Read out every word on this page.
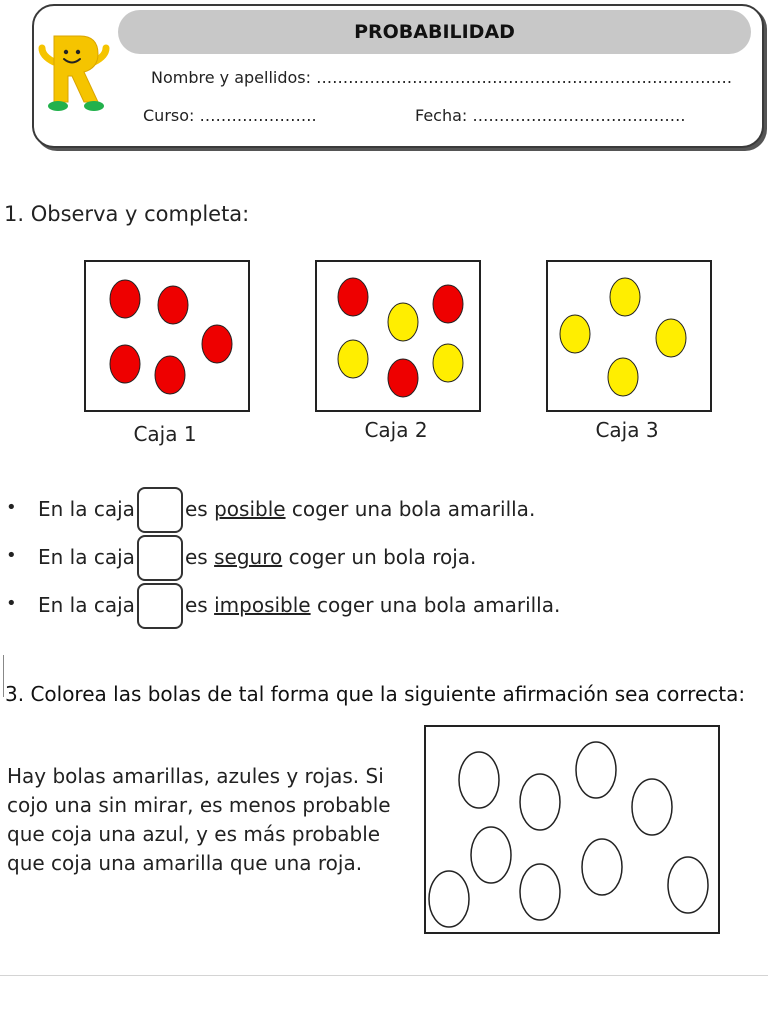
PROBABILIDAD
Nombre y apellidos: ……………………………………………………………………
Curso: ………………….	Fecha: ………………………………….
1. Observa y completa:
Caja 1	Caja 2	Caja 3
• En la caja	es posible coger una bola amarilla.
• En la caja	es seguro coger un bola roja.
• En la caja	es imposible coger una bola amarilla.
3. Colorea las bolas de tal forma que la siguiente afirmación sea correcta:
Hay bolas amarillas, azules y rojas. Si
cojo una sin mirar, es menos probable
que coja una azul, y es más probable
que coja una amarilla que una roja.
